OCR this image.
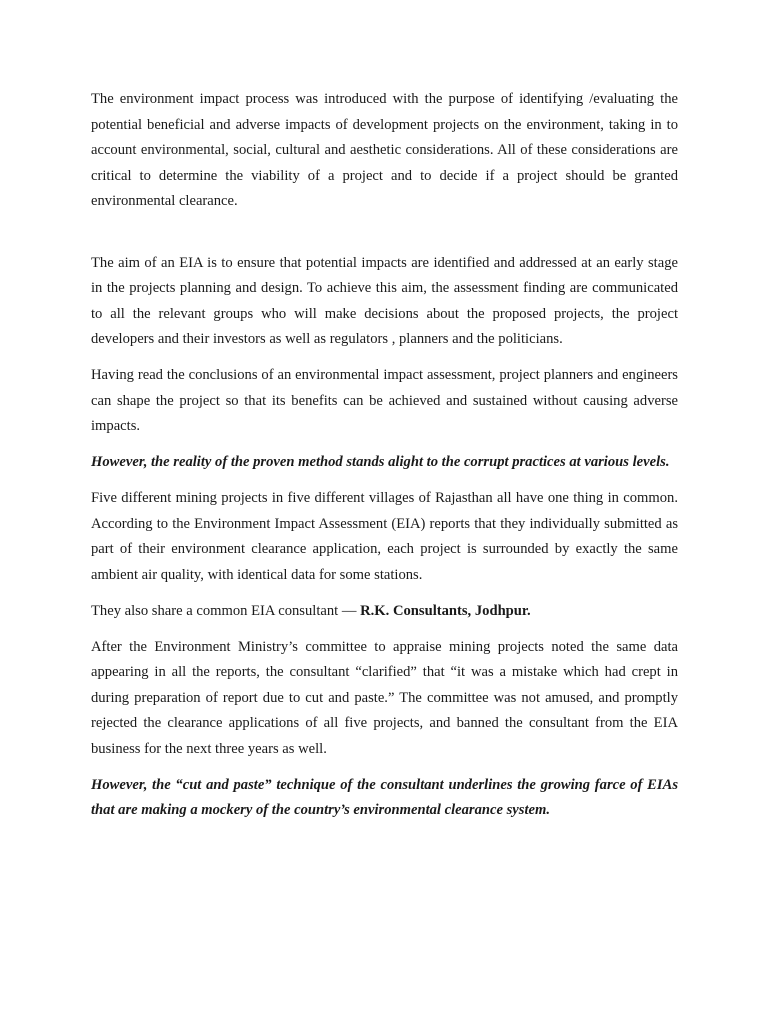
The environment impact process was introduced with the purpose of identifying /evaluating the potential beneficial and adverse impacts of development projects on the environment, taking in to account environmental, social, cultural and aesthetic considerations. All of these considerations are critical to determine the viability of a project and to decide if a project should be granted environmental clearance.

The aim of an EIA is to ensure that potential impacts are identified and addressed at an early stage in the projects planning and design. To achieve this aim, the assessment finding are communicated to all the relevant groups who will make decisions about the proposed projects, the project developers and their investors as well as regulators , planners and the politicians.

Having read the conclusions of an environmental impact assessment, project planners and engineers can shape the project so that its benefits can be achieved and sustained without causing adverse impacts.

However, the reality of the proven method stands alight to the corrupt practices at various levels.

Five different mining projects in five different villages of Rajasthan all have one thing in common. According to the Environment Impact Assessment (EIA) reports that they individually submitted as part of their environment clearance application, each project is surrounded by exactly the same ambient air quality, with identical data for some stations.

They also share a common EIA consultant — R.K. Consultants, Jodhpur.

After the Environment Ministry’s committee to appraise mining projects noted the same data appearing in all the reports, the consultant “clarified” that “it was a mistake which had crept in during preparation of report due to cut and paste.” The committee was not amused, and promptly rejected the clearance applications of all five projects, and banned the consultant from the EIA business for the next three years as well.

However, the “cut and paste” technique of the consultant underlines the growing farce of EIAs that are making a mockery of the country’s environmental clearance system.
